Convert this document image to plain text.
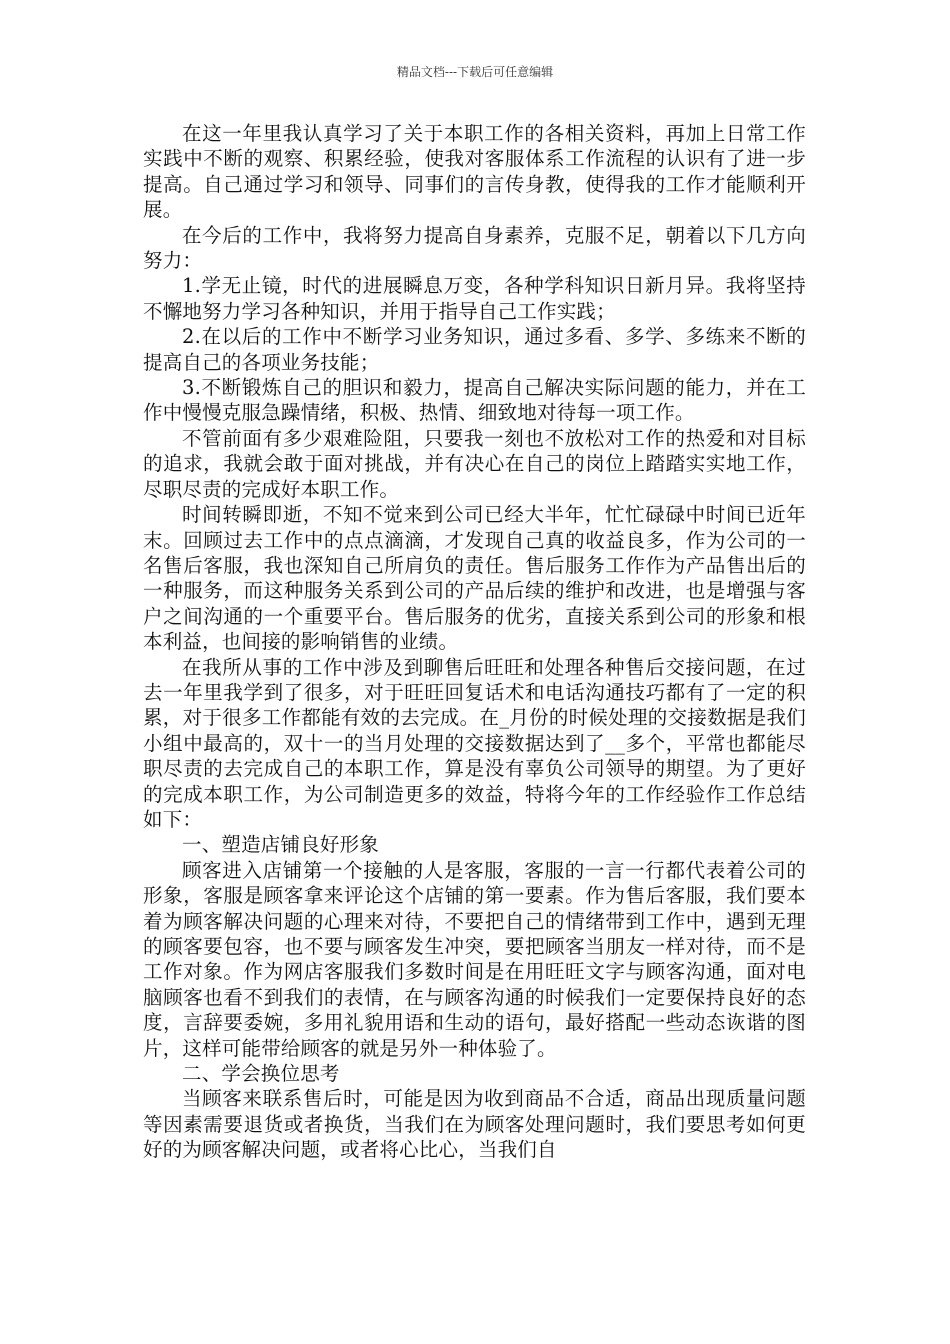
精品文档---下载后可任意编辑

在这一年里我认真学习了关于本职工作的各相关资料，再加上日常工作实践中不断的观察、积累经验，使我对客服体系工作流程的认识有了进一步提高。自己通过学习和领导、同事们的言传身教，使得我的工作才能顺利开展。

在今后的工作中，我将努力提高自身素养，克服不足，朝着以下几方向努力：

1.学无止镜，时代的进展瞬息万变，各种学科知识日新月异。我将坚持不懈地努力学习各种知识，并用于指导自己工作实践；

2.在以后的工作中不断学习业务知识，通过多看、多学、多练来不断的提高自己的各项业务技能；

3.不断锻炼自己的胆识和毅力，提高自己解决实际问题的能力，并在工作中慢慢克服急躁情绪，积极、热情、细致地对待每一项工作。

不管前面有多少艰难险阻，只要我一刻也不放松对工作的热爱和对目标的追求，我就会敢于面对挑战，并有决心在自己的岗位上踏踏实实地工作，尽职尽责的完成好本职工作。

时间转瞬即逝，不知不觉来到公司已经大半年，忙忙碌碌中时间已近年末。回顾过去工作中的点点滴滴，才发现自己真的收益良多，作为公司的一名售后客服，我也深知自己所肩负的责任。售后服务工作作为产品售出后的一种服务，而这种服务关系到公司的产品后续的维护和改进，也是增强与客户之间沟通的一个重要平台。售后服务的优劣，直接关系到公司的形象和根本利益，也间接的影响销售的业绩。

在我所从事的工作中涉及到聊售后旺旺和处理各种售后交接问题，在过去一年里我学到了很多，对于旺旺回复话术和电话沟通技巧都有了一定的积累，对于很多工作都能有效的去完成。在_月份的时候处理的交接数据是我们小组中最高的，双十一的当月处理的交接数据达到了__多个，平常也都能尽职尽责的去完成自己的本职工作，算是没有辜负公司领导的期望。为了更好的完成本职工作，为公司制造更多的效益，特将今年的工作经验作工作总结如下：

一、塑造店铺良好形象

顾客进入店铺第一个接触的人是客服，客服的一言一行都代表着公司的形象，客服是顾客拿来评论这个店铺的第一要素。作为售后客服，我们要本着为顾客解决问题的心理来对待，不要把自己的情绪带到工作中，遇到无理的顾客要包容，也不要与顾客发生冲突，要把顾客当朋友一样对待，而不是工作对象。作为网店客服我们多数时间是在用旺旺文字与顾客沟通，面对电脑顾客也看不到我们的表情，在与顾客沟通的时候我们一定要保持良好的态度，言辞要委婉，多用礼貌用语和生动的语句，最好搭配一些动态诙谐的图片，这样可能带给顾客的就是另外一种体验了。

二、学会换位思考

当顾客来联系售后时，可能是因为收到商品不合适，商品出现质量问题等因素需要退货或者换货，当我们在为顾客处理问题时，我们要思考如何更好的为顾客解决问题，或者将心比心，当我们自
